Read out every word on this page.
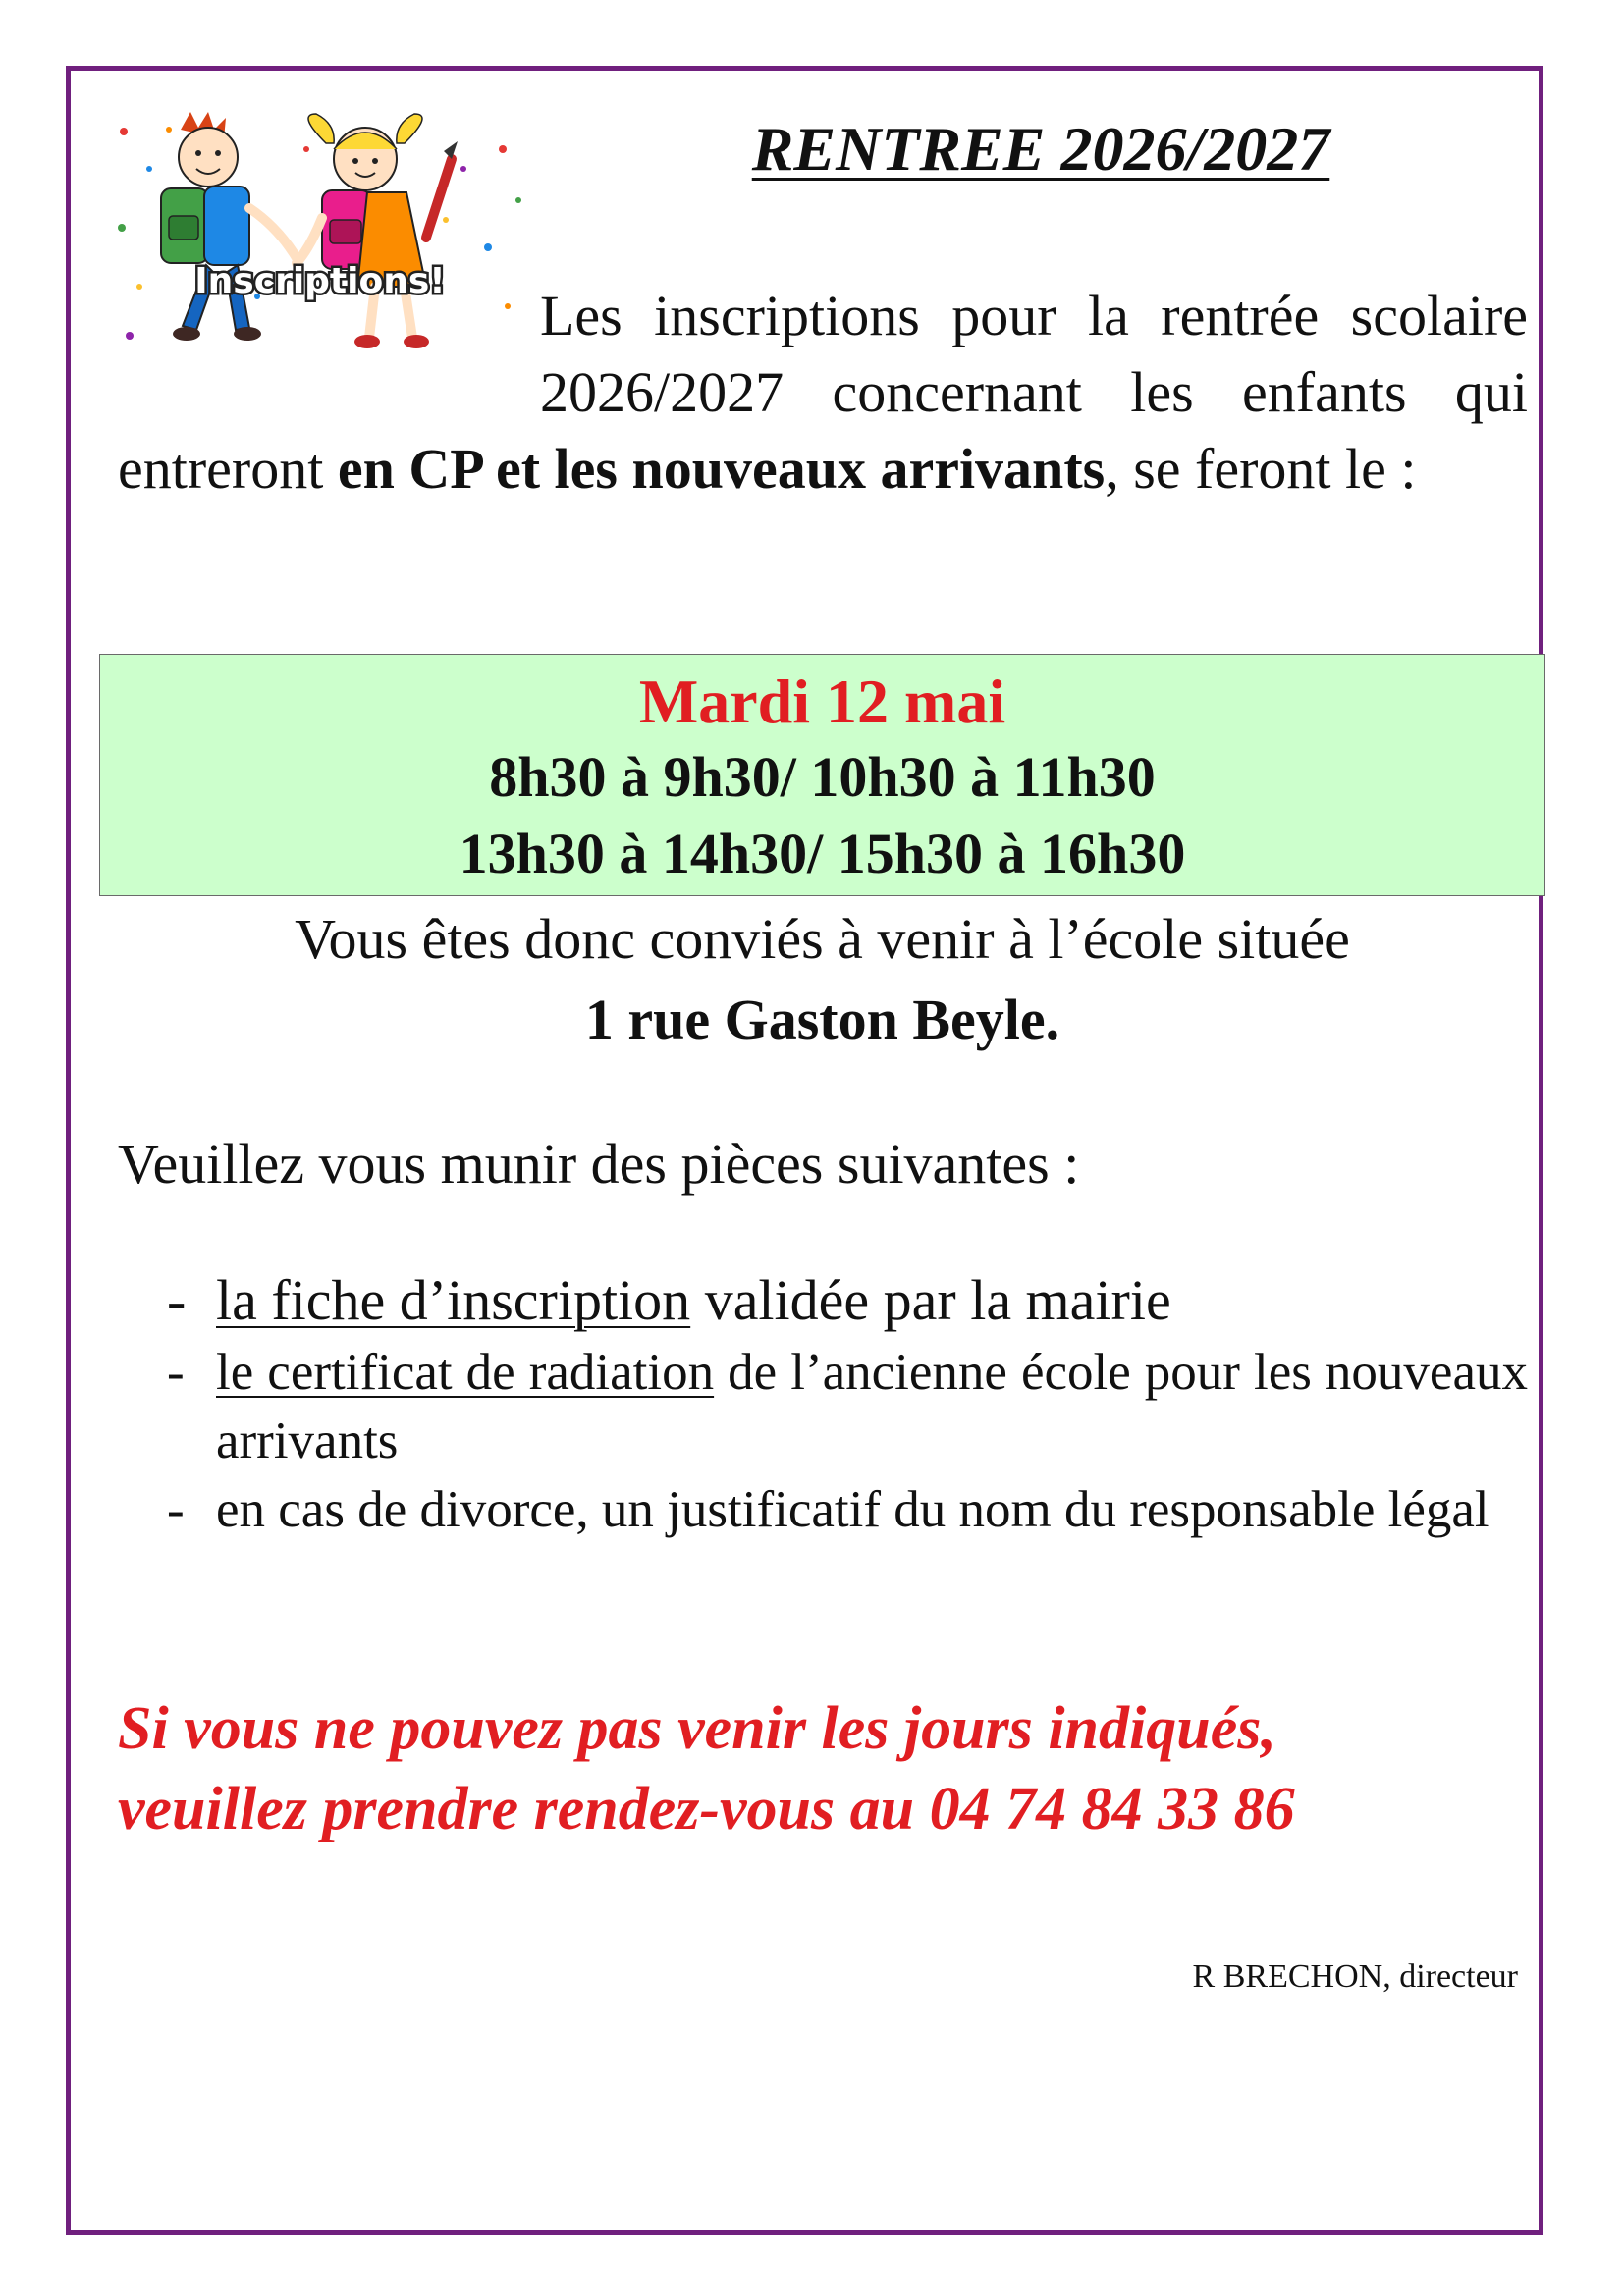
Inscriptions!
RENTREE 2026/2027

Les inscriptions pour la rentrée scolaire 2026/2027 concernant les enfants qui entreront en CP et les nouveaux arrivants, se feront le :

Mardi 12 mai
8h30 à 9h30/ 10h30 à 11h30
13h30 à 14h30/ 15h30 à 16h30
Vous êtes donc conviés à venir à l’école située
1 rue Gaston Beyle.
Veuillez vous munir des pièces suivantes :
- la fiche d’inscription validée par la mairie
- le certificat de radiation de l’ancienne école pour les nouveaux arrivants
- en cas de divorce, un justificatif du nom du responsable légal
Si vous ne pouvez pas venir les jours indiqués,
veuillez prendre rendez-vous au 04 74 84 33 86
R BRECHON, directeur
